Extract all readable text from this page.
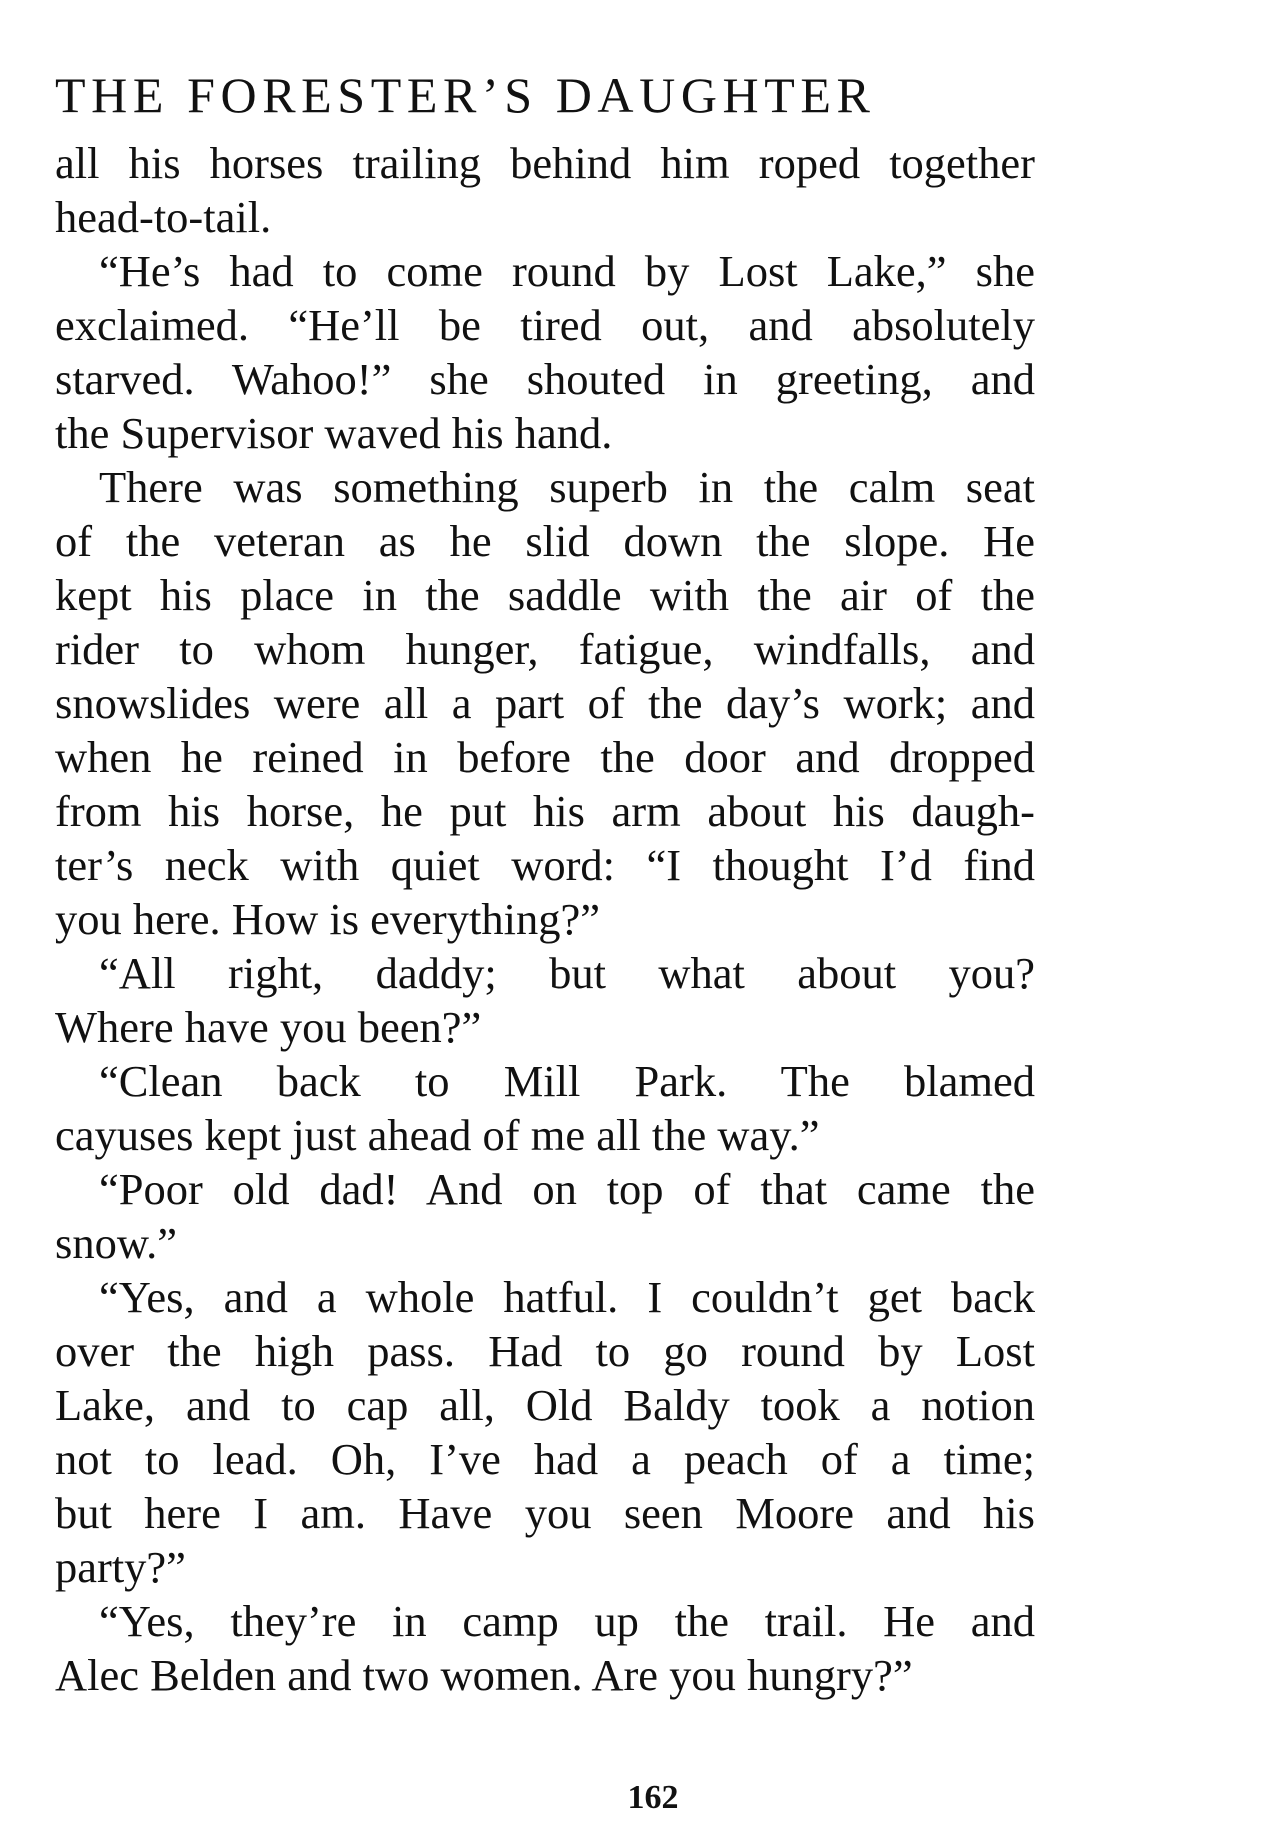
THE FORESTER’S DAUGHTER

all his horses trailing behind him roped together
head-to-tail.

“He’s had to come round by Lost Lake,” she
exclaimed. “He’ll be tired out, and absolutely
starved. Wahoo!” she shouted in greeting, and
the Supervisor waved his hand.

There was something superb in the calm seat
of the veteran as he slid down the slope. He
kept his place in the saddle with the air of the
rider to whom hunger, fatigue, windfalls, and
snowslides were all a part of the day’s work; and
when he reined in before the door and dropped
from his horse, he put his arm about his daugh-
ter’s neck with quiet word: “I thought I’d find
you here. How is everything?”

“All right, daddy; but what about you?
Where have you been?”

“Clean back to Mill Park. The blamed
cayuses kept just ahead of me all the way.”

“Poor old dad! And on top of that came the
snow.”

“Yes, and a whole hatful. I couldn’t get back
over the high pass. Had to go round by Lost
Lake, and to cap all, Old Baldy took a notion
not to lead. Oh, I’ve had a peach of a time;
but here I am. Have you seen Moore and his
party?”

“Yes, they’re in camp up the trail. He and
Alec Belden and two women. Are you hungry?”

162
